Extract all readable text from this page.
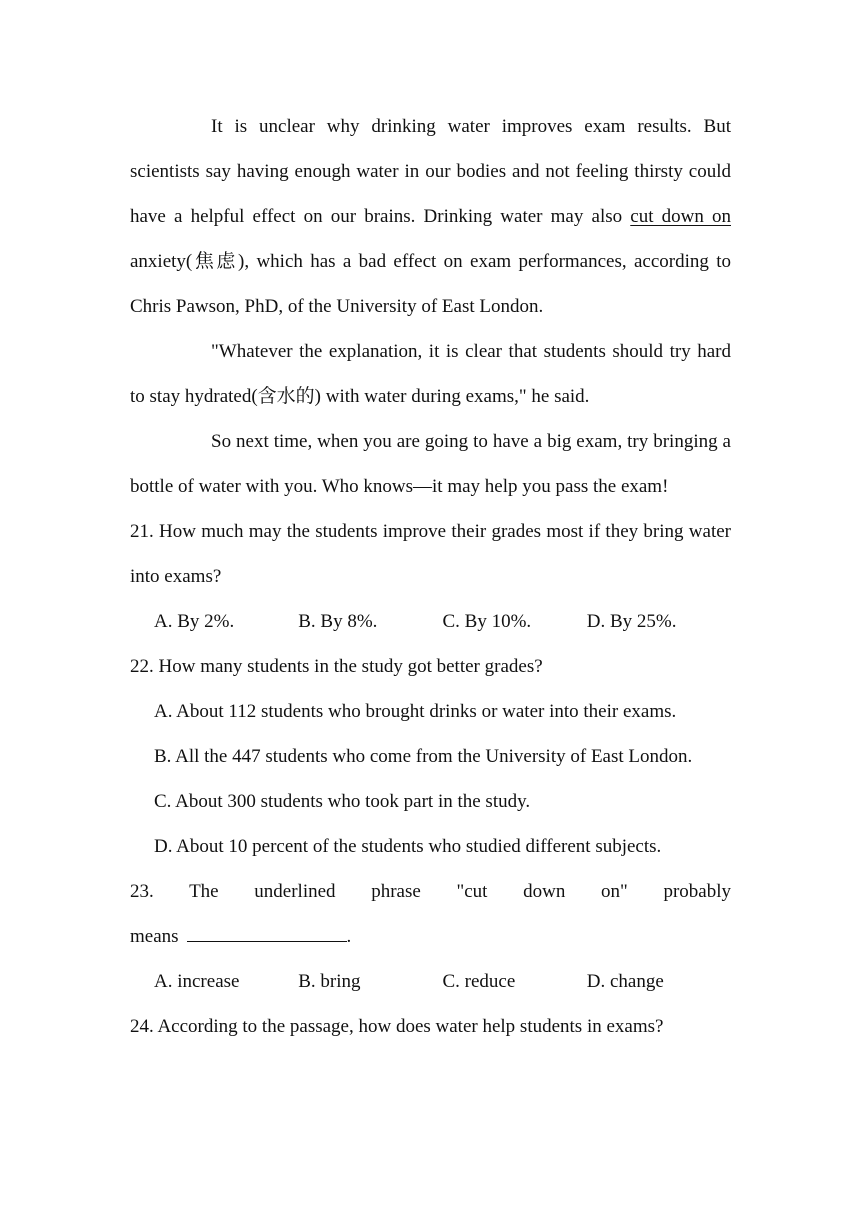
It is unclear why drinking water improves exam results. But scientists say having enough water in our bodies and not feeling thirsty could have a helpful effect on our brains. Drinking water may also cut down on anxiety(焦虑), which has a bad effect on exam performances, according to Chris Pawson, PhD, of the University of East London.

"Whatever the explanation, it is clear that students should try hard to stay hydrated(含水的) with water during exams," he said.

So next time, when you are going to have a big exam, try bringing a bottle of water with you. Who knows—it may help you pass the exam!

21. How much may the students improve their grades most if they bring water into exams?

A. By 2%.	B. By 8%.	C. By 10%.	D. By 25%.

22. How many students in the study got better grades?

A. About 112 students who brought drinks or water into their exams.

B. All the 447 students who come from the University of East London.

C. About 300 students who took part in the study.

D. About 10 percent of the students who studied different subjects.

23. The underlined phrase "cut down on" probably

means	.

A. increase	B. bring	C. reduce	D. change

24. According to the passage, how does water help students in exams?
